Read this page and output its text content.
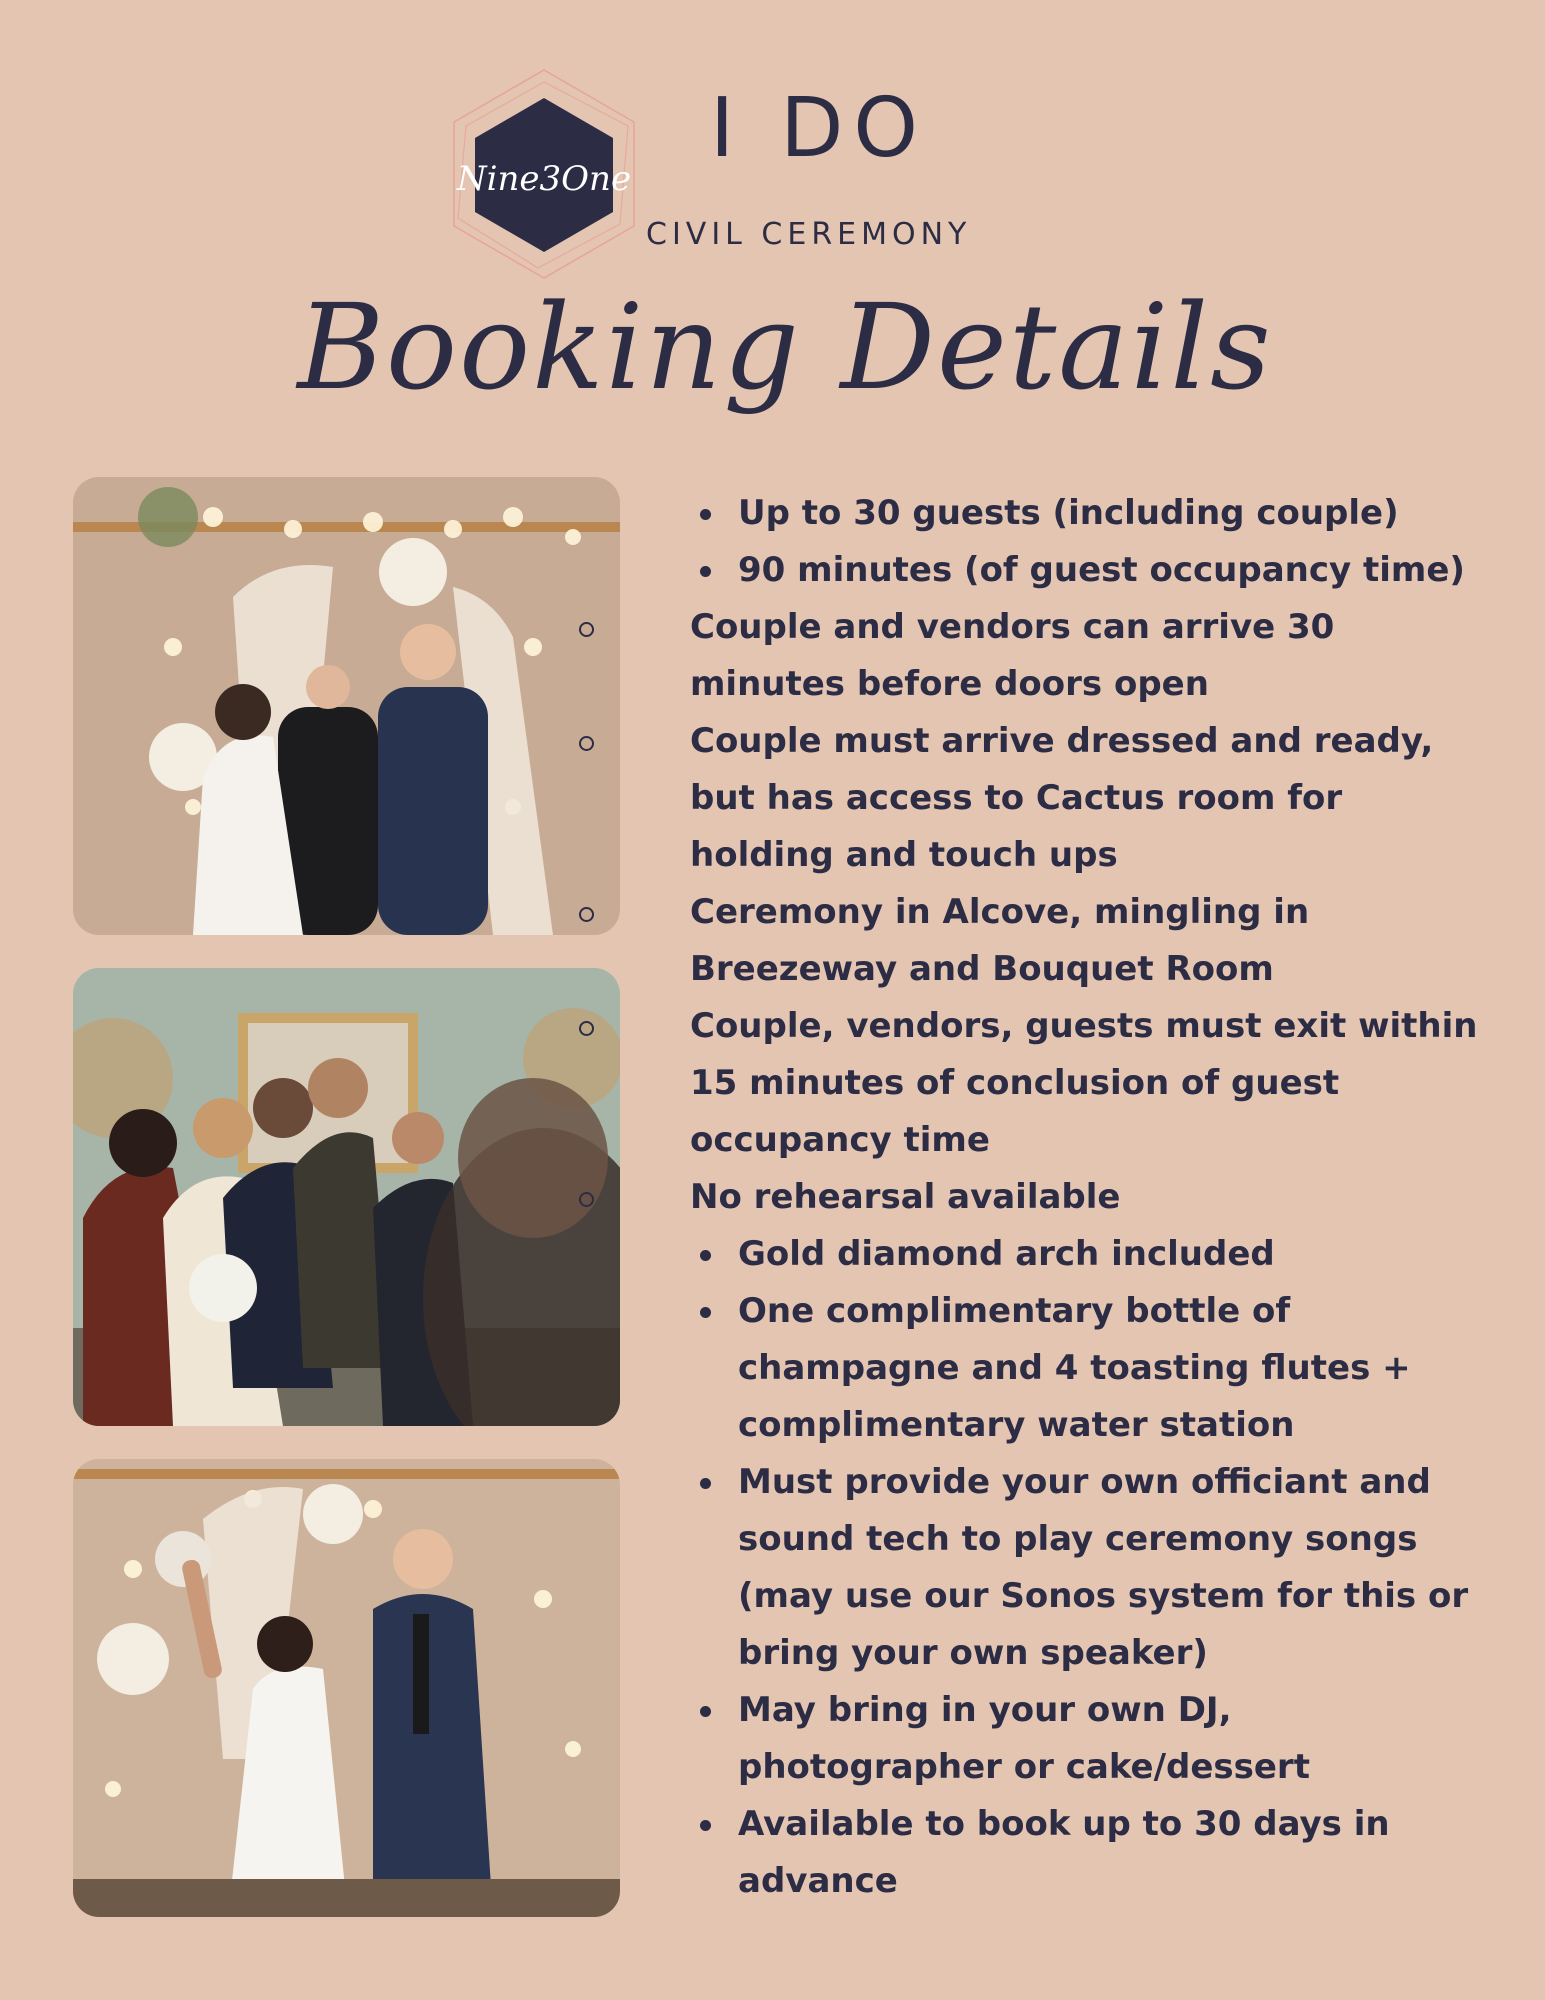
Nine3One
I DO
CIVIL CEREMONY
Booking Details
Up to 30 guests (including couple)
90 minutes (of guest occupancy time)
Couple and vendors can arrive 30 minutes before doors open
Couple must arrive dressed and ready, but has access to Cactus room for holding and touch ups
Ceremony in Alcove, mingling in Breezeway and Bouquet Room
Couple, vendors, guests must exit within 15 minutes of conclusion of guest occupancy time
No rehearsal available
Gold diamond arch included
One complimentary bottle of champagne and 4 toasting flutes + complimentary water station
Must provide your own officiant and sound tech to play ceremony songs (may use our Sonos system for this or bring your own speaker)
May bring in your own DJ, photographer or cake/dessert
Available to book up to 30 days in advance
